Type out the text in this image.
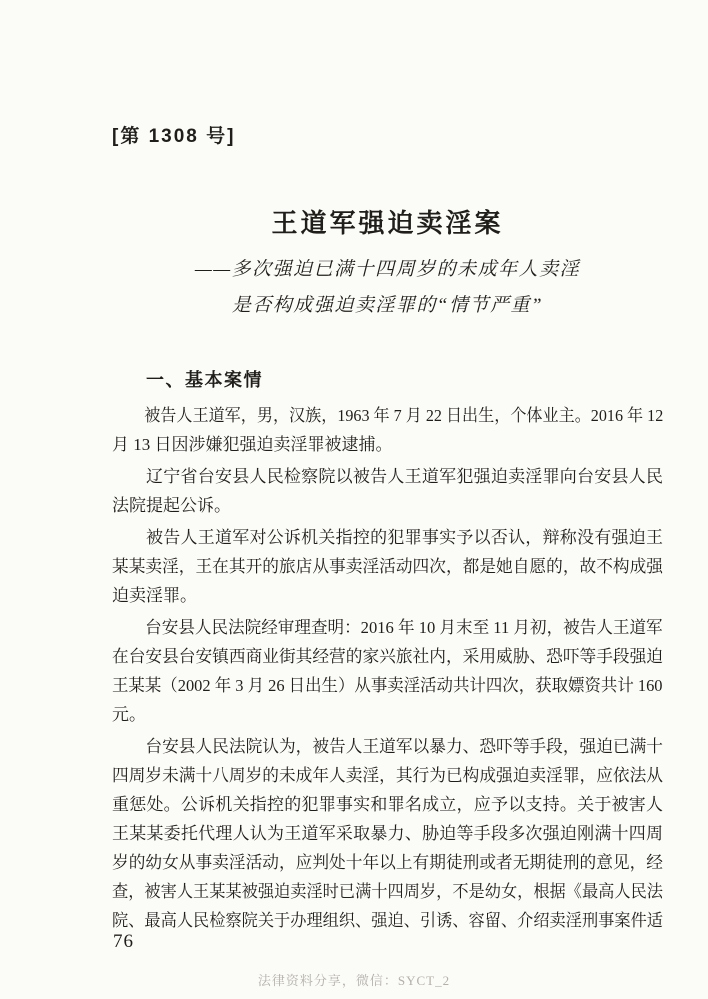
[第 1308 号]
王道军强迫卖淫案
——多次强迫已满十四周岁的未成年人卖淫
是否构成强迫卖淫罪的“情节严重”
一、基本案情
被告人王道军，男，汉族，1963 年 7 月 22 日出生，个体业主。2016 年 12
月 13 日因涉嫌犯强迫卖淫罪被逮捕。
辽宁省台安县人民检察院以被告人王道军犯强迫卖淫罪向台安县人民
法院提起公诉。
被告人王道军对公诉机关指控的犯罪事实予以否认，辩称没有强迫王
某某卖淫，王在其开的旅店从事卖淫活动四次，都是她自愿的，故不构成强
迫卖淫罪。
台安县人民法院经审理查明：2016 年 10 月末至 11 月初，被告人王道军
在台安县台安镇西商业街其经营的家兴旅社内，采用威胁、恐吓等手段强迫
王某某（2002 年 3 月 26 日出生）从事卖淫活动共计四次，获取嫖资共计 160
元。
台安县人民法院认为，被告人王道军以暴力、恐吓等手段，强迫已满十
四周岁未满十八周岁的未成年人卖淫，其行为已构成强迫卖淫罪，应依法从
重惩处。公诉机关指控的犯罪事实和罪名成立，应予以支持。关于被害人
王某某委托代理人认为王道军采取暴力、胁迫等手段多次强迫刚满十四周
岁的幼女从事卖淫活动，应判处十年以上有期徒刑或者无期徒刑的意见，经
查，被害人王某某被强迫卖淫时已满十四周岁，不是幼女，根据《最高人民法
院、最高人民检察院关于办理组织、强迫、引诱、容留、介绍卖淫刑事案件适
76
法律资料分享，微信：SYCT_2
